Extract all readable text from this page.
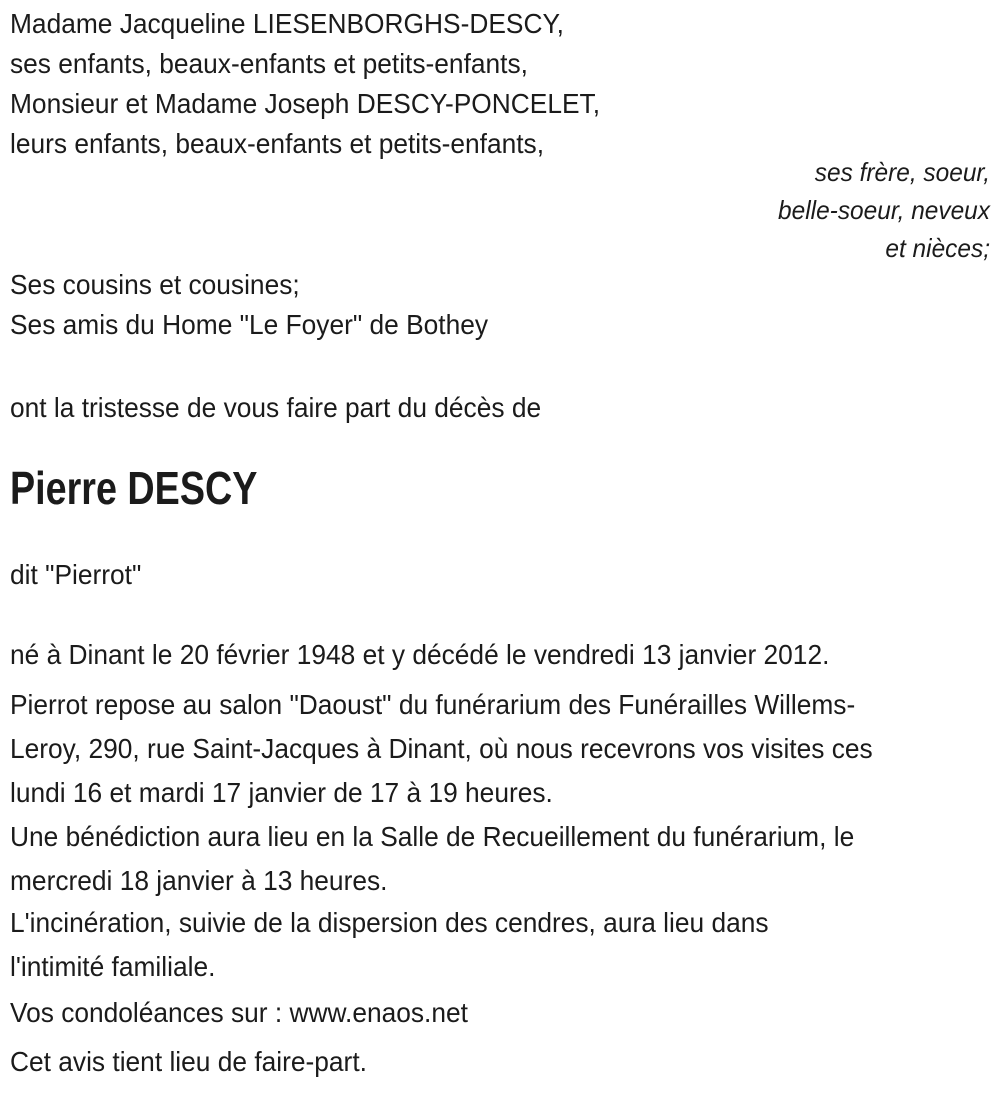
Madame Jacqueline LIESENBORGHS-DESCY,
ses enfants, beaux-enfants et petits-enfants,
Monsieur et Madame Joseph DESCY-PONCELET,
leurs enfants, beaux-enfants et petits-enfants,
ses frère, soeur,
belle-soeur, neveux
et nièces;
Ses cousins et cousines;
Ses amis du Home "Le Foyer" de Bothey
ont la tristesse de vous faire part du décès de
Pierre DESCY
dit "Pierrot"
né à Dinant le 20 février 1948 et y décédé le vendredi 13 janvier 2012.
Pierrot repose au salon "Daoust" du funérarium des Funérailles Willems-
Leroy, 290, rue Saint-Jacques à Dinant, où nous recevrons vos visites ces
lundi 16 et mardi 17 janvier de 17 à 19 heures.
Une bénédiction aura lieu en la Salle de Recueillement du funérarium, le
mercredi 18 janvier à 13 heures.
L'incinération, suivie de la dispersion des cendres, aura lieu dans
l'intimité familiale.
Vos condoléances sur : www.enaos.net
Cet avis tient lieu de faire-part.
